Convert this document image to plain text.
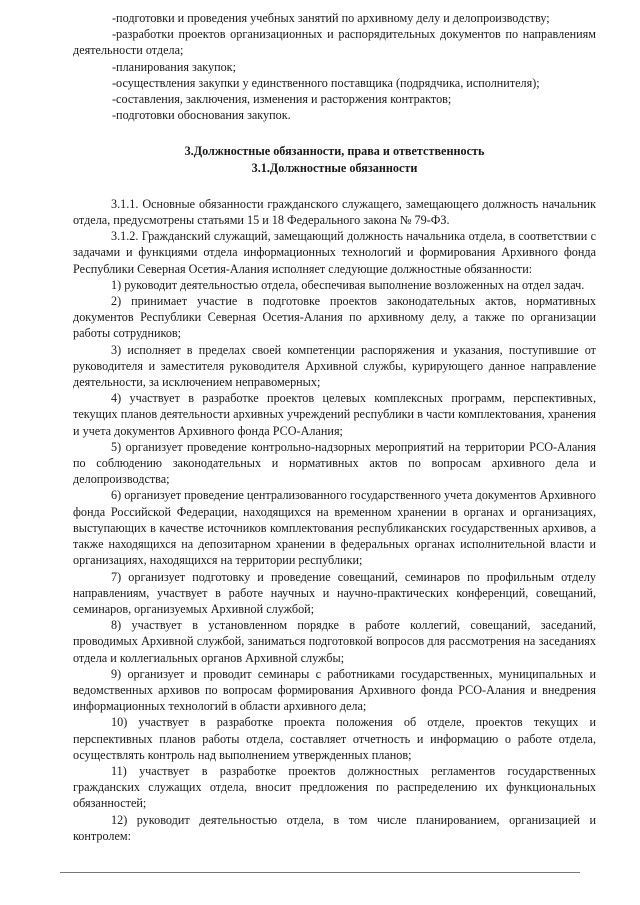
-подготовки и проведения учебных занятий по архивному делу и делопроизводству;

-разработки проектов организационных и распорядительных документов по направлениям деятельности отдела;

-планирования закупок;

-осуществления закупки у единственного поставщика (подрядчика, исполнителя);

-составления, заключения, изменения и расторжения контрактов;

-подготовки обоснования закупок.

3.Должностные обязанности, права и ответственность

3.1.Должностные обязанности

3.1.1. Основные обязанности гражданского служащего, замещающего должность начальник отдела, предусмотрены статьями 15 и 18 Федерального закона № 79-ФЗ.

3.1.2. Гражданский служащий, замещающий должность начальника отдела, в соответствии с задачами и функциями отдела информационных технологий и формирования Архивного фонда Республики Северная Осетия-Алания исполняет следующие должностные обязанности:

1) руководит деятельностью отдела, обеспечивая выполнение возложенных на отдел задач.

2) принимает участие в подготовке проектов законодательных актов, нормативных документов Республики Северная Осетия-Алания по архивному делу, а также по организации работы сотрудников;

3) исполняет в пределах своей компетенции распоряжения и указания, поступившие от руководителя и заместителя руководителя Архивной службы, курирующего данное направление деятельности, за исключением неправомерных;

4) участвует в разработке проектов целевых комплексных программ, перспективных, текущих планов деятельности архивных учреждений республики в части комплектования, хранения и учета документов Архивного фонда РСО-Алания;

5) организует проведение контрольно-надзорных мероприятий на территории РСО-Алания по соблюдению законодательных и нормативных актов по вопросам архивного дела и делопроизводства;

6) организует проведение централизованного государственного учета документов Архивного фонда Российской Федерации, находящихся на временном хранении в органах и организациях, выступающих в качестве источников комплектования республиканских государственных архивов, а также находящихся на депозитарном хранении в федеральных органах исполнительной власти и организациях, находящихся на территории республики;

7) организует подготовку и проведение совещаний, семинаров по профильным отделу направлениям, участвует в работе научных и научно-практических конференций, совещаний, семинаров, организуемых Архивной службой;

8) участвует в установленном порядке в работе коллегий, совещаний, заседаний, проводимых Архивной службой, заниматься подготовкой вопросов для рассмотрения на заседаниях отдела и коллегиальных органов Архивной службы;

9) организует и проводит семинары с работниками государственных, муниципальных и ведомственных архивов по вопросам формирования Архивного фонда РСО-Алания и внедрения информационных технологий в области архивного дела;

10) участвует в разработке проекта положения об отделе, проектов текущих и перспективных планов работы отдела, составляет отчетность и информацию о работе отдела, осуществлять контроль над выполнением утвержденных планов;

11) участвует в разработке проектов должностных регламентов государственных гражданских служащих отдела, вносит предложения по распределению их функциональных обязанностей;

12) руководит деятельностью отдела, в том числе планированием, организацией и контролем:
